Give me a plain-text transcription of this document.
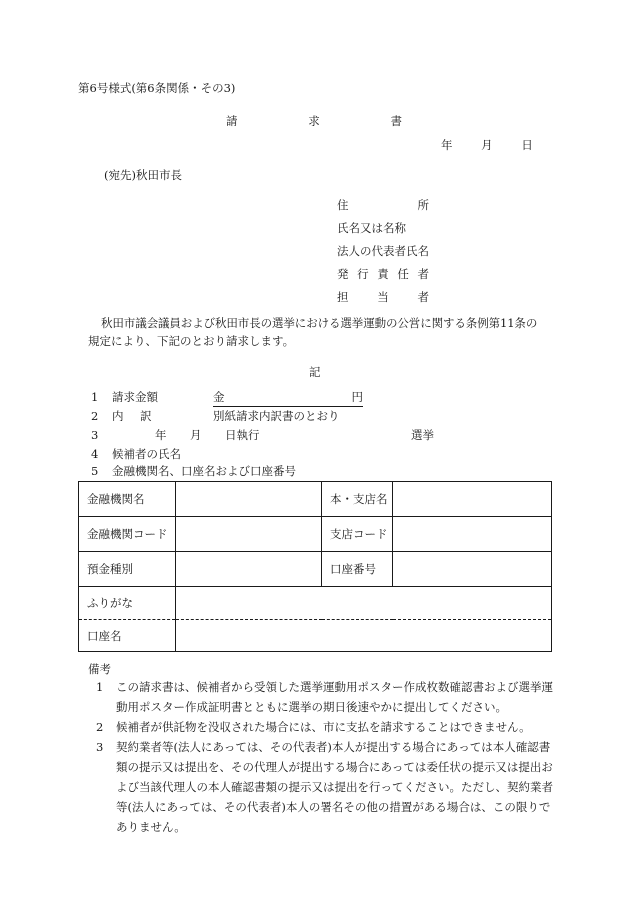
第6号様式(第6条関係・その3)
請	求	書
年 月 日
(宛先)秋田市長
住	所
氏名又は名称
法人の代表者氏名
発 行 責 任 者
担	当	者
秋田市議会議員および秋田市長の選挙における選挙運動の公営に関する条例第11条の
規定により、下記のとおり請求します。
記
1 請求金額	金	円
2 内 訳	別紙請求内訳書のとおり
3	年 月 日執行	選挙
4 候補者の氏名
5 金融機関名、口座名および口座番号
金融機関名		本・支店名	
金融機関コード		支店コード	
預金種別		口座番号	
ふりがな			
口座名			
備考
1 この請求書は、候補者から受領した選挙運動用ポスター作成枚数確認書および選挙運動用ポスター作成証明書とともに選挙の期日後速やかに提出してください。
2 候補者が供託物を没収された場合には、市に支払を請求することはできません。
3 契約業者等(法人にあっては、その代表者)本人が提出する場合にあっては本人確認書類の提示又は提出を、その代理人が提出する場合にあっては委任状の提示又は提出および当該代理人の本人確認書類の提示又は提出を行ってください。ただし、契約業者等(法人にあっては、その代表者)本人の署名その他の措置がある場合は、この限りでありません。
